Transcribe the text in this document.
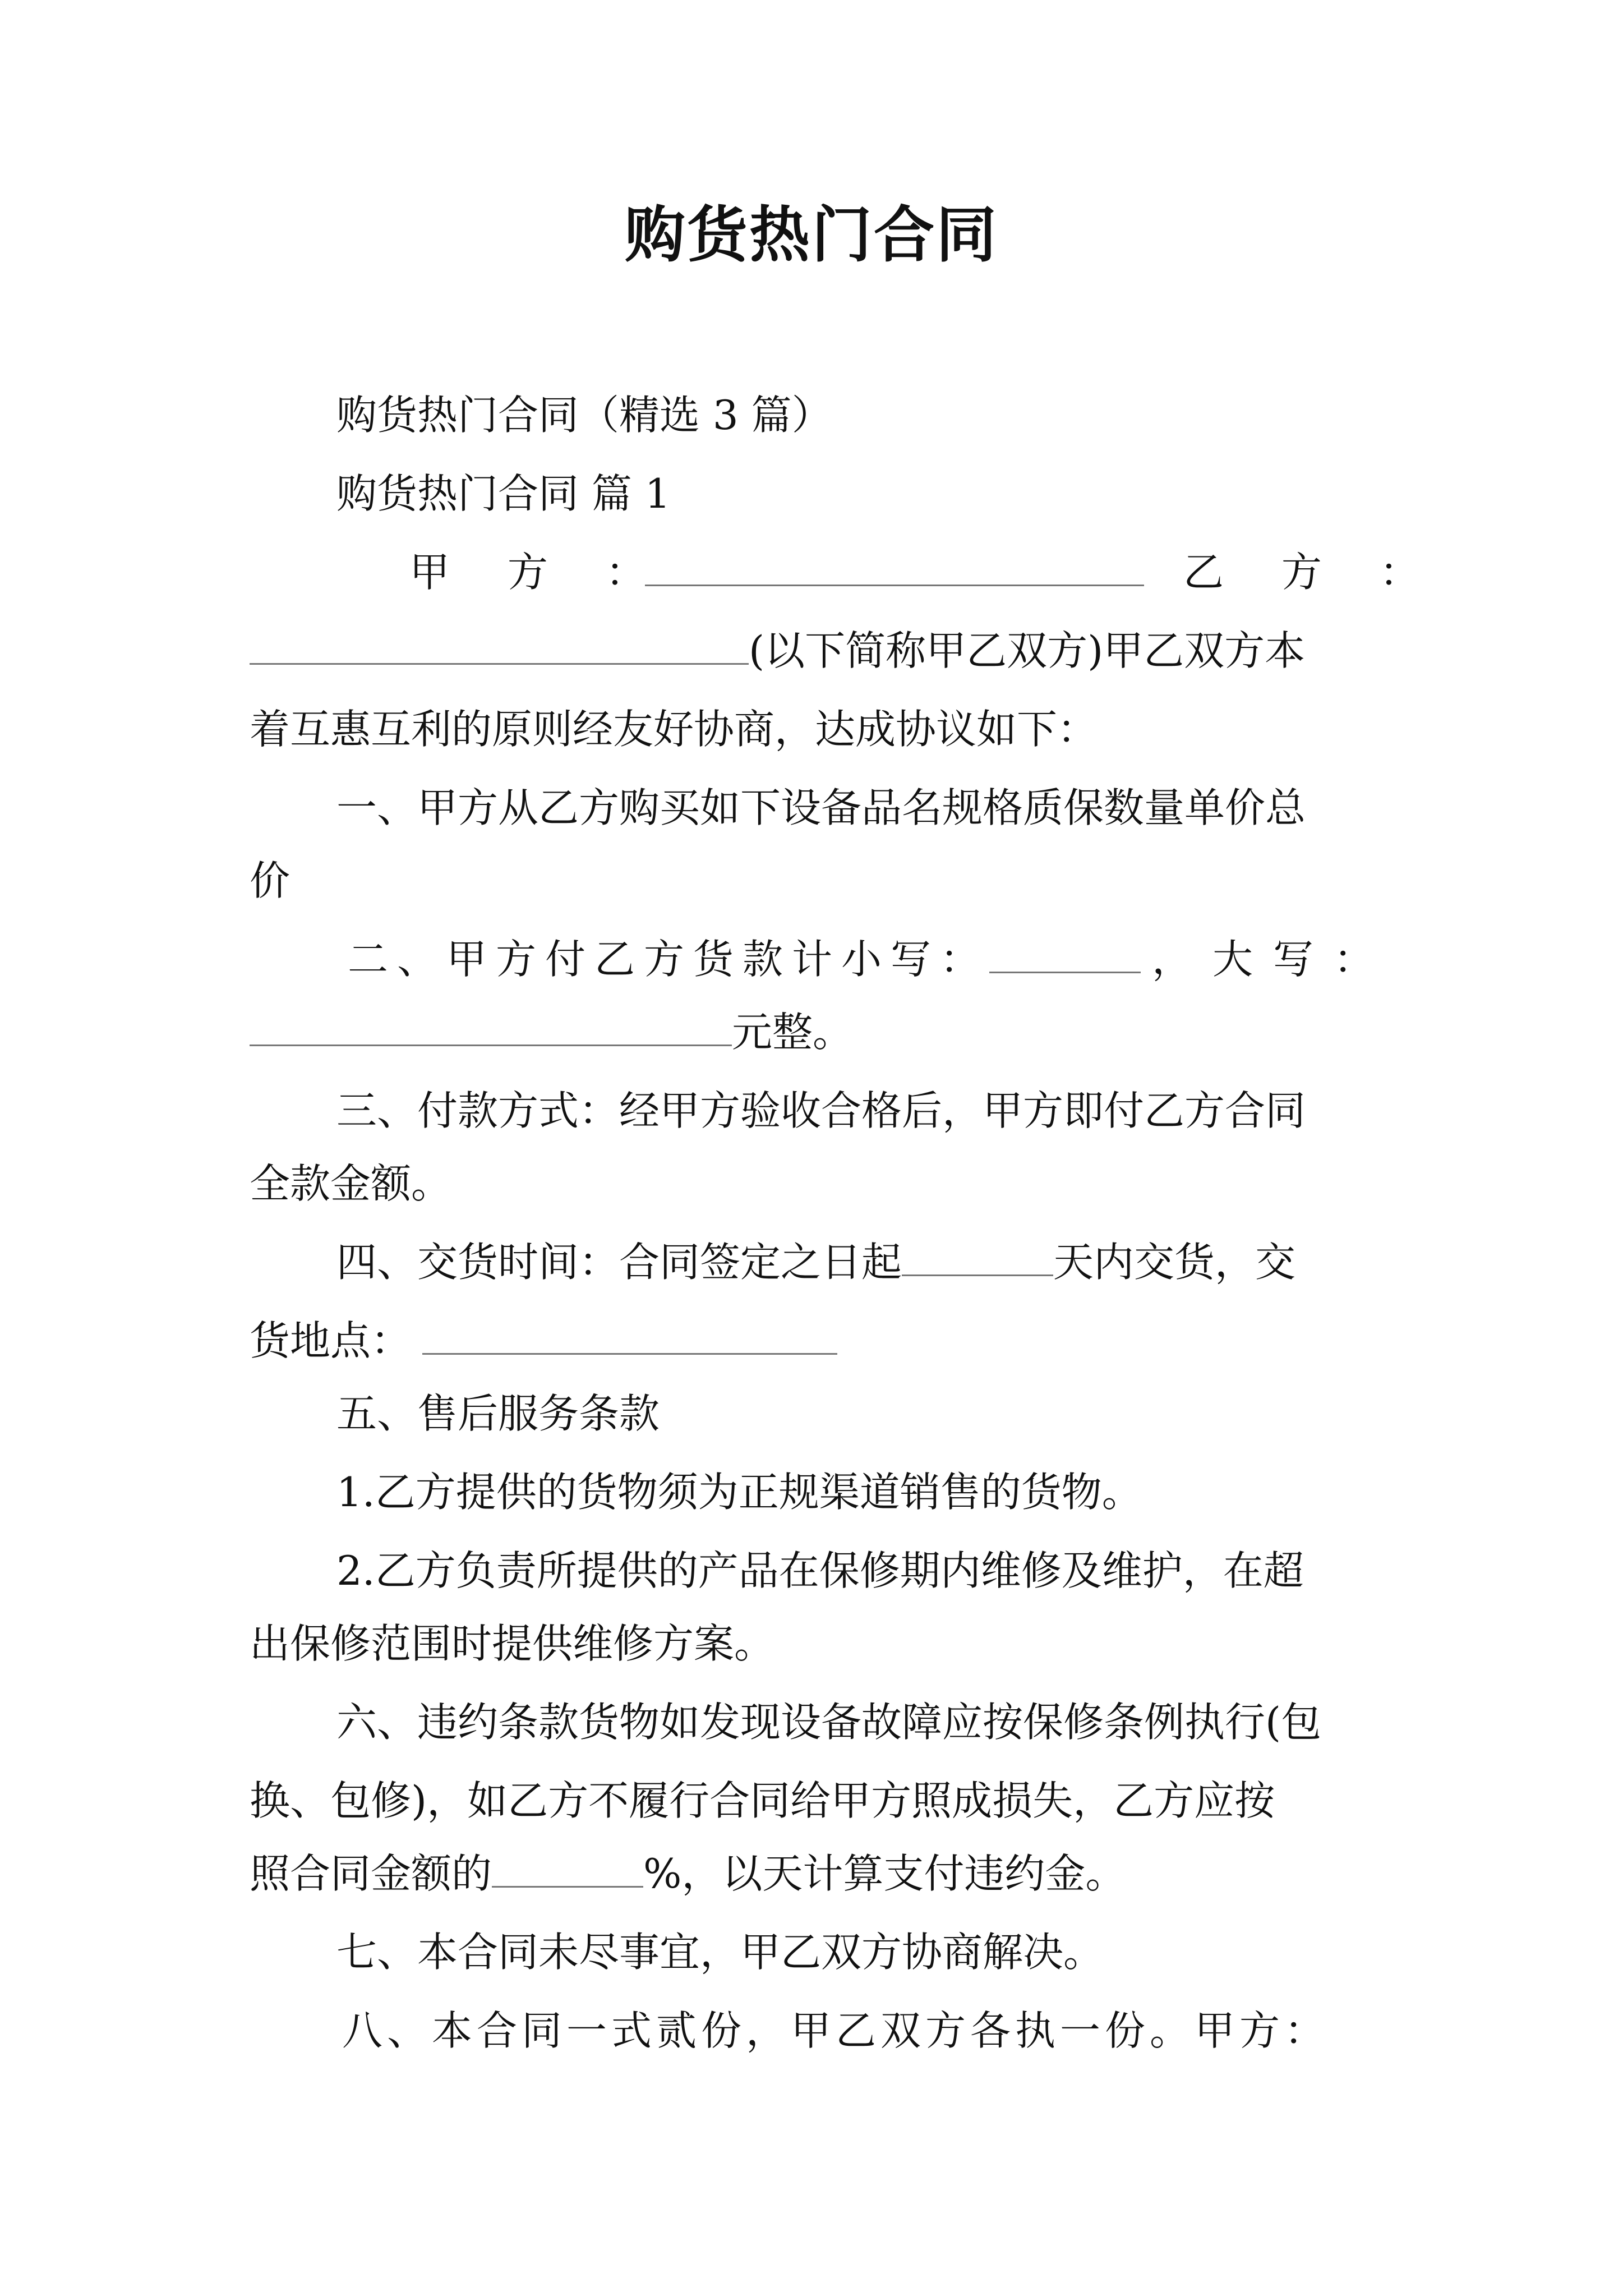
购货热门合同
购货热门合同（精选 3 篇）
购货热门合同 篇 1
甲 方 ：	乙 方 ：
(以下简称甲乙双方)甲乙双方本
着互惠互利的原则经友好协商，达成协议如下：
一、甲方从乙方购买如下设备品名规格质保数量单价总
价
二、甲方付乙方货款计小写：	，大写：
元整。
三、付款方式：经甲方验收合格后，甲方即付乙方合同
全款金额。
四、交货时间：合同签定之日起	天内交货，交
货地点：
五、售后服务条款
1.乙方提供的货物须为正规渠道销售的货物。
2.乙方负责所提供的产品在保修期内维修及维护，在超
出保修范围时提供维修方案。
六、违约条款货物如发现设备故障应按保修条例执行(包
换、包修)，如乙方不履行合同给甲方照成损失，乙方应按
照合同金额的	%，以天计算支付违约金。
七、本合同未尽事宜，甲乙双方协商解决。
八、本合同一式贰份，甲乙双方各执一份。甲方：
